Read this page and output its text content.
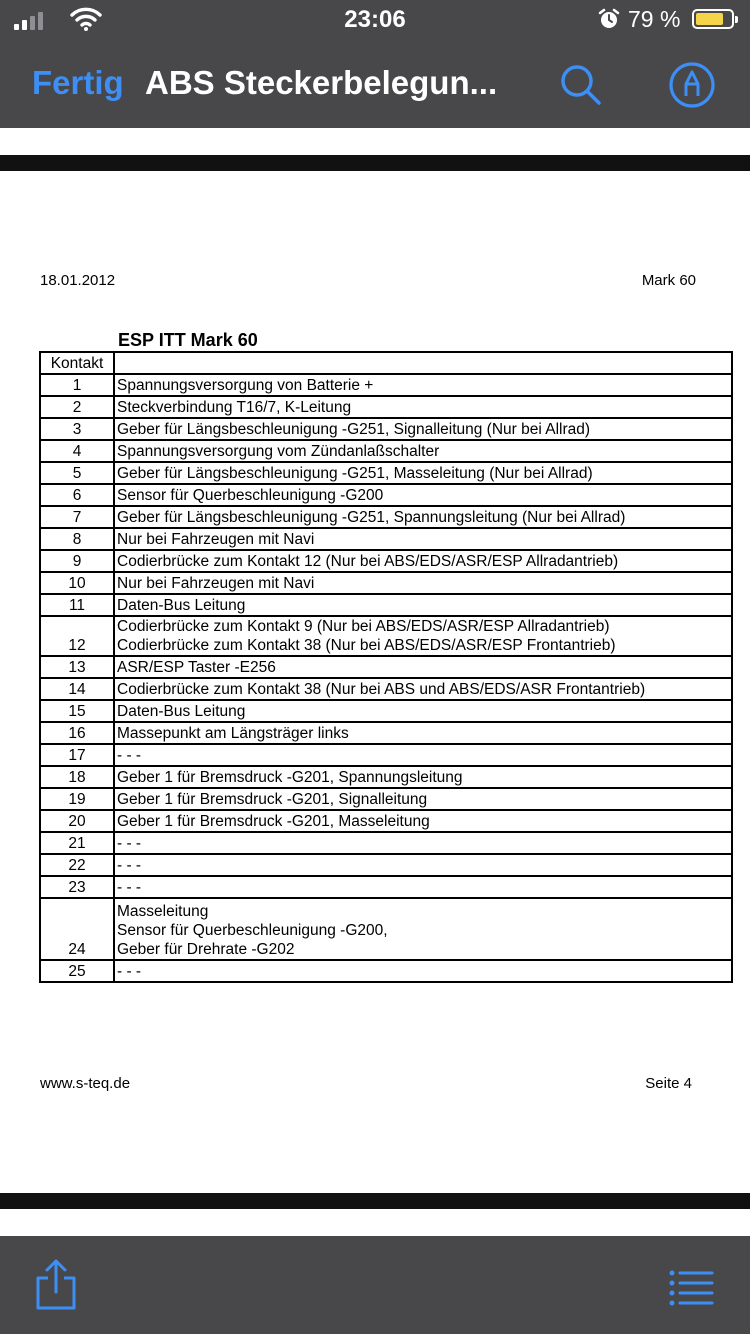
23:06	79 %
Fertig ABS Steckerbelegun...
18.01.2012	Mark 60
ESP ITT Mark 60
Kontakt	
1	Spannungsversorgung von Batterie +
2	Steckverbindung T16/7, K-Leitung
3	Geber für Längsbeschleunigung -G251, Signalleitung (Nur bei Allrad)
4	Spannungsversorgung vom Zündanlaßschalter
5	Geber für Längsbeschleunigung -G251, Masseleitung (Nur bei Allrad)
6	Sensor für Querbeschleunigung -G200
7	Geber für Längsbeschleunigung -G251, Spannungsleitung (Nur bei Allrad)
8	Nur bei Fahrzeugen mit Navi
9	Codierbrücke zum Kontakt 12 (Nur bei ABS/EDS/ASR/ESP Allradantrieb)
10	Nur bei Fahrzeugen mit Navi
11	Daten-Bus Leitung
12	Codierbrücke zum Kontakt 9 (Nur bei ABS/EDS/ASR/ESP Allradantrieb)
Codierbrücke zum Kontakt 38 (Nur bei ABS/EDS/ASR/ESP Frontantrieb)
13	ASR/ESP Taster -E256
14	Codierbrücke zum Kontakt 38 (Nur bei ABS und ABS/EDS/ASR Frontantrieb)
15	Daten-Bus Leitung
16	Massepunkt am Längsträger links
17	- - -
18	Geber 1 für Bremsdruck -G201, Spannungsleitung
19	Geber 1 für Bremsdruck -G201, Signalleitung
20	Geber 1 für Bremsdruck -G201, Masseleitung
21	- - -
22	- - -
23	- - -
24	Masseleitung
Sensor für Querbeschleunigung -G200,
Geber für Drehrate -G202
25	- - -
www.s-teq.de	Seite 4
